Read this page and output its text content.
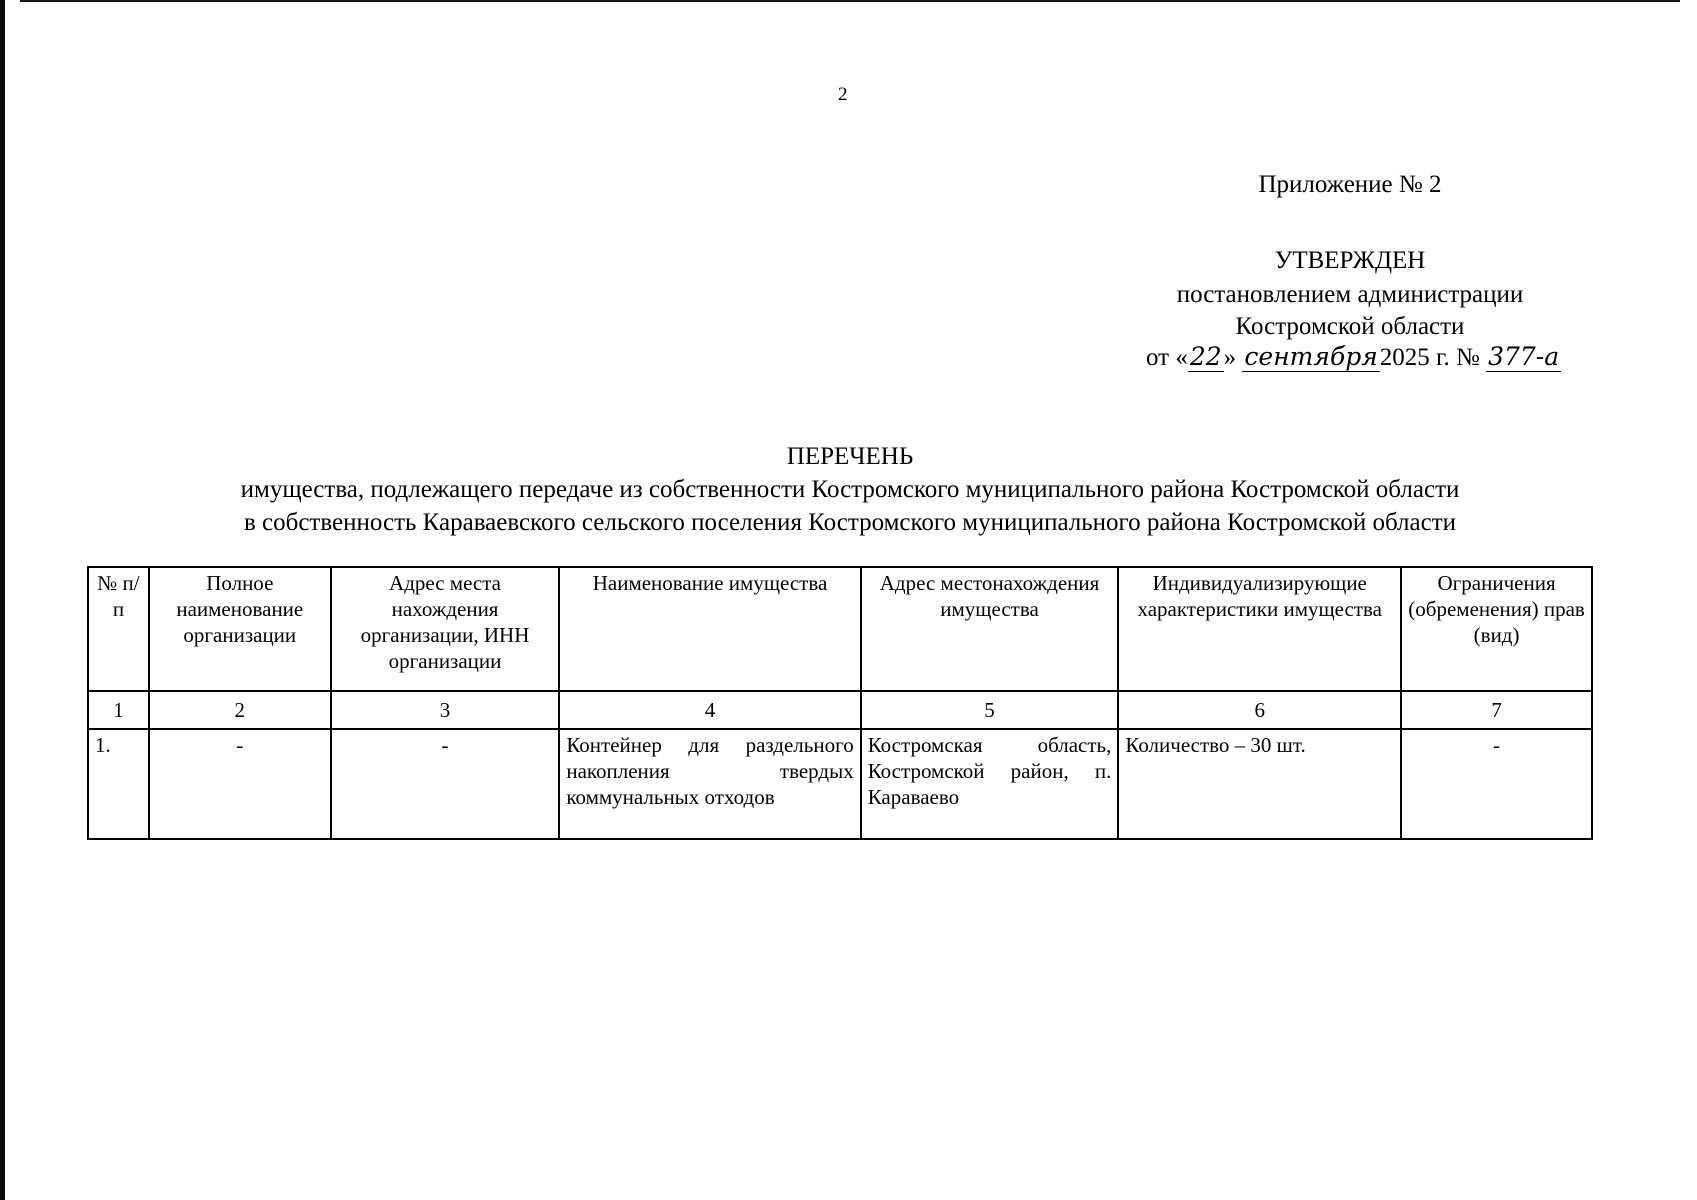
2
Приложение № 2
УТВЕРЖДЕН
постановлением администрации
Костромской области
от «22» сентября2025 г. № 377-а
ПЕРЕЧЕНЬ
имущества, подлежащего передаче из собственности Костромского муниципального района Костромской области
в собственность Караваевского сельского поселения Костромского муниципального района Костромской области
№ п/п	Полное наименование организации	Адрес места нахождения организации, ИНН организации	Наименование имущества	Адрес местонахождения имущества	Индивидуализирующие характеристики имущества	Ограничения (обременения) прав (вид)
1	2	3	4	5	6	7
1.	-	-	Контейнер для раздельного накопления твердых коммунальных отходов	Костромская область, Костромской район, п. Караваево	Количество – 30 шт.	-
